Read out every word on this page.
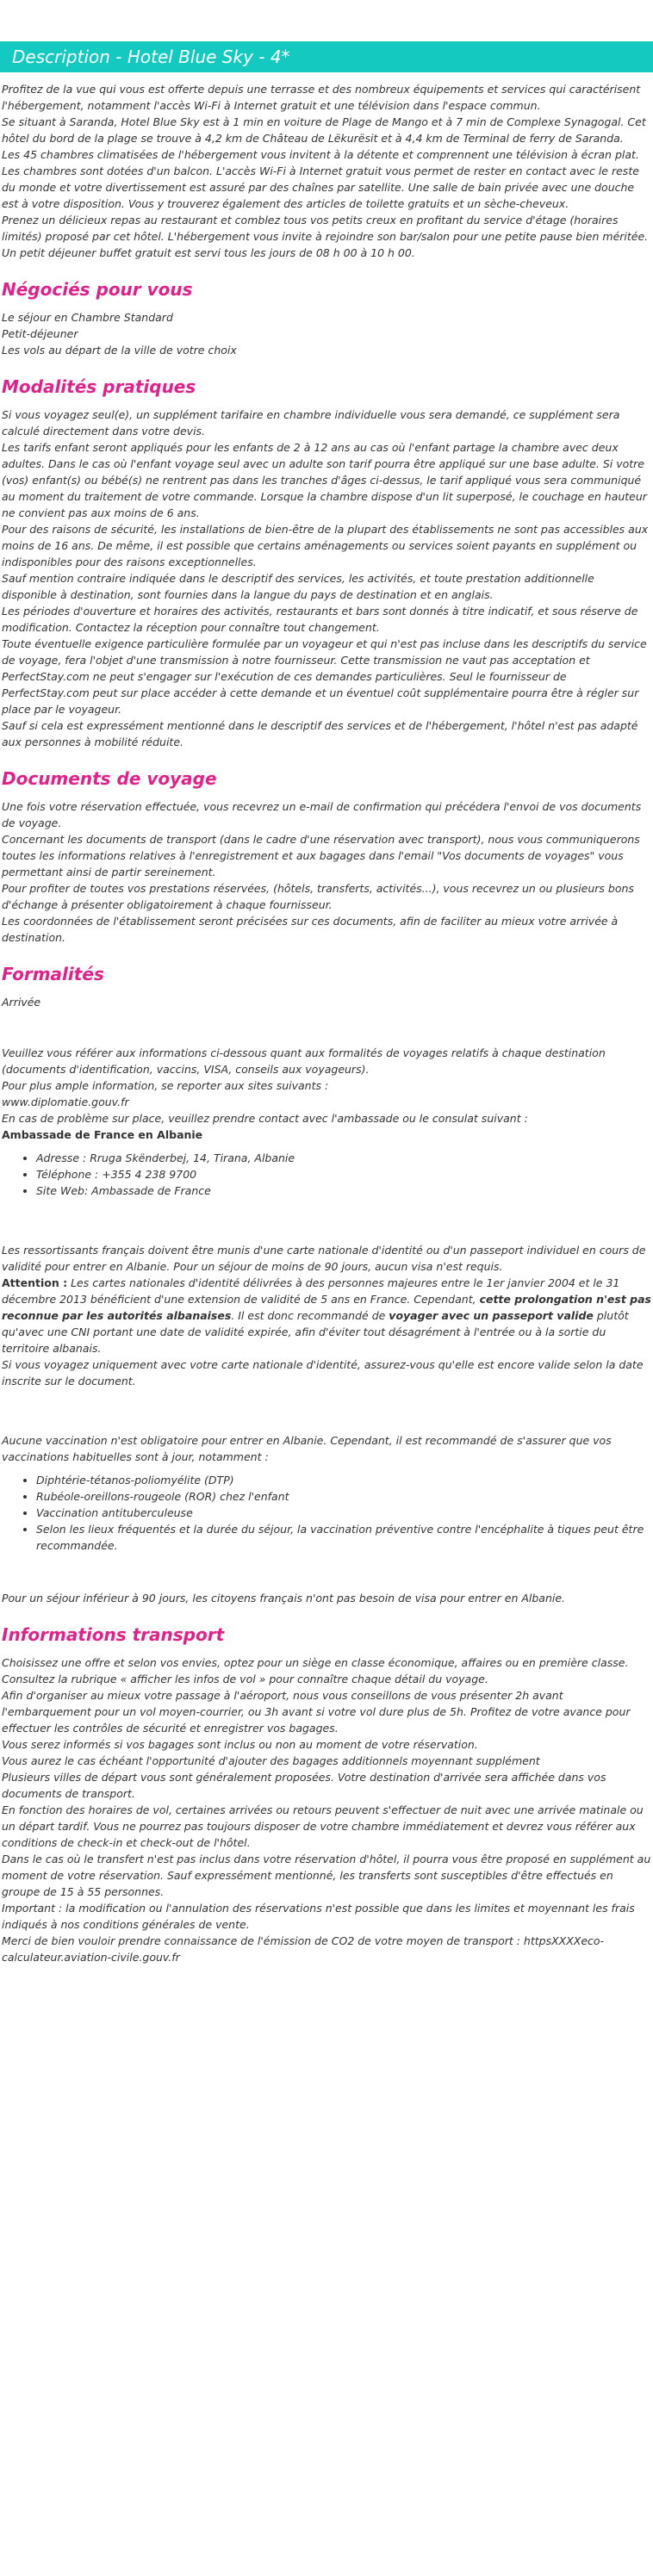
Description - Hotel Blue Sky - 4*

Profitez de la vue qui vous est offerte depuis une terrasse et des nombreux équipements et services qui caractérisent l'hébergement, notamment l'accès Wi-Fi à Internet gratuit et une télévision dans l'espace commun.

Se situant à Saranda, Hotel Blue Sky est à 1 min en voiture de Plage de Mango et à 7 min de Complexe Synagogal. Cet hôtel du bord de la plage se trouve à 4,2 km de Château de Lëkurësit et à 4,4 km de Terminal de ferry de Saranda.

Les 45 chambres climatisées de l'hébergement vous invitent à la détente et comprennent une télévision à écran plat. Les chambres sont dotées d'un balcon. L'accès Wi-Fi à Internet gratuit vous permet de rester en contact avec le reste du monde et votre divertissement est assuré par des chaînes par satellite. Une salle de bain privée avec une douche est à votre disposition. Vous y trouverez également des articles de toilette gratuits et un sèche-cheveux.

Prenez un délicieux repas au restaurant et comblez tous vos petits creux en profitant du service d'étage (horaires limités) proposé par cet hôtel. L'hébergement vous invite à rejoindre son bar/salon pour une petite pause bien méritée. Un petit déjeuner buffet gratuit est servi tous les jours de 08 h 00 à 10 h 00.

Négociés pour vous

Le séjour en Chambre Standard

Petit-déjeuner

Les vols au départ de la ville de votre choix

Modalités pratiques

Si vous voyagez seul(e), un supplément tarifaire en chambre individuelle vous sera demandé, ce supplément sera calculé directement dans votre devis.

Les tarifs enfant seront appliqués pour les enfants de 2 à 12 ans au cas où l'enfant partage la chambre avec deux adultes. Dans le cas où l'enfant voyage seul avec un adulte son tarif pourra être appliqué sur une base adulte. Si votre (vos) enfant(s) ou bébé(s) ne rentrent pas dans les tranches d'âges ci-dessus, le tarif appliqué vous sera communiqué au moment du traitement de votre commande. Lorsque la chambre dispose d'un lit superposé, le couchage en hauteur ne convient pas aux moins de 6 ans.

Pour des raisons de sécurité, les installations de bien-être de la plupart des établissements ne sont pas accessibles aux moins de 16 ans. De même, il est possible que certains aménagements ou services soient payants en supplément ou indisponibles pour des raisons exceptionnelles.

Sauf mention contraire indiquée dans le descriptif des services, les activités, et toute prestation additionnelle disponible à destination, sont fournies dans la langue du pays de destination et en anglais.

Les périodes d'ouverture et horaires des activités, restaurants et bars sont donnés à titre indicatif, et sous réserve de modification. Contactez la réception pour connaître tout changement.

Toute éventuelle exigence particulière formulée par un voyageur et qui n'est pas incluse dans les descriptifs du service de voyage, fera l'objet d'une transmission à notre fournisseur. Cette transmission ne vaut pas acceptation et PerfectStay.com ne peut s'engager sur l'exécution de ces demandes particulières. Seul le fournisseur de PerfectStay.com peut sur place accéder à cette demande et un éventuel coût supplémentaire pourra être à régler sur place par le voyageur.

Sauf si cela est expressément mentionné dans le descriptif des services et de l'hébergement, l'hôtel n'est pas adapté aux personnes à mobilité réduite.

Documents de voyage

Une fois votre réservation effectuée, vous recevrez un e-mail de confirmation qui précédera l'envoi de vos documents de voyage.

Concernant les documents de transport (dans le cadre d'une réservation avec transport), nous vous communiquerons toutes les informations relatives à l'enregistrement et aux bagages dans l'email "Vos documents de voyages" vous permettant ainsi de partir sereinement.

Pour profiter de toutes vos prestations réservées, (hôtels, transferts, activités...), vous recevrez un ou plusieurs bons d'échange à présenter obligatoirement à chaque fournisseur.

Les coordonnées de l'établissement seront précisées sur ces documents, afin de faciliter au mieux votre arrivée à destination.

Formalités

Arrivée

Veuillez vous référer aux informations ci-dessous quant aux formalités de voyages relatifs à chaque destination (documents d'identification, vaccins, VISA, conseils aux voyageurs).

Pour plus ample information, se reporter aux sites suivants :

www.diplomatie.gouv.fr

En cas de problème sur place, veuillez prendre contact avec l'ambassade ou le consulat suivant :

Ambassade de France en Albanie

• Adresse : Rruga Skënderbej, 14, Tirana, Albanie
• Téléphone : +355 4 238 9700
• Site Web: Ambassade de France

Les ressortissants français doivent être munis d'une carte nationale d'identité ou d'un passeport individuel en cours de validité pour entrer en Albanie. Pour un séjour de moins de 90 jours, aucun visa n'est requis.

Attention : Les cartes nationales d'identité délivrées à des personnes majeures entre le 1er janvier 2004 et le 31 décembre 2013 bénéficient d'une extension de validité de 5 ans en France. Cependant, cette prolongation n'est pas reconnue par les autorités albanaises. Il est donc recommandé de voyager avec un passeport valide plutôt qu'avec une CNI portant une date de validité expirée, afin d'éviter tout désagrément à l'entrée ou à la sortie du territoire albanais.

Si vous voyagez uniquement avec votre carte nationale d'identité, assurez-vous qu'elle est encore valide selon la date inscrite sur le document.

Aucune vaccination n'est obligatoire pour entrer en Albanie. Cependant, il est recommandé de s'assurer que vos vaccinations habituelles sont à jour, notamment :

• Diphtérie-tétanos-poliomyélite (DTP)
• Rubéole-oreillons-rougeole (ROR) chez l'enfant
• Vaccination antituberculeuse
• Selon les lieux fréquentés et la durée du séjour, la vaccination préventive contre l'encéphalite à tiques peut être recommandée.

Pour un séjour inférieur à 90 jours, les citoyens français n'ont pas besoin de visa pour entrer en Albanie.

Informations transport

Choisissez une offre et selon vos envies, optez pour un siège en classe économique, affaires ou en première classe.

Consultez la rubrique « afficher les infos de vol » pour connaître chaque détail du voyage.

Afin d'organiser au mieux votre passage à l'aéroport, nous vous conseillons de vous présenter 2h avant l'embarquement pour un vol moyen-courrier, ou 3h avant si votre vol dure plus de 5h. Profitez de votre avance pour effectuer les contrôles de sécurité et enregistrer vos bagages.

Vous serez informés si vos bagages sont inclus ou non au moment de votre réservation.

Vous aurez le cas échéant l'opportunité d'ajouter des bagages additionnels moyennant supplément

Plusieurs villes de départ vous sont généralement proposées. Votre destination d'arrivée sera affichée dans vos documents de transport.

En fonction des horaires de vol, certaines arrivées ou retours peuvent s'effectuer de nuit avec une arrivée matinale ou un départ tardif. Vous ne pourrez pas toujours disposer de votre chambre immédiatement et devrez vous référer aux conditions de check-in et check-out de l'hôtel.

Dans le cas où le transfert n'est pas inclus dans votre réservation d'hôtel, il pourra vous être proposé en supplément au moment de votre réservation. Sauf expressément mentionné, les transferts sont susceptibles d'être effectués en groupe de 15 à 55 personnes.

Important : la modification ou l'annulation des réservations n'est possible que dans les limites et moyennant les frais indiqués à nos conditions générales de vente.

Merci de bien vouloir prendre connaissance de l'émission de CO2 de votre moyen de transport : httpsXXXXeco-calculateur.aviation-civile.gouv.fr
